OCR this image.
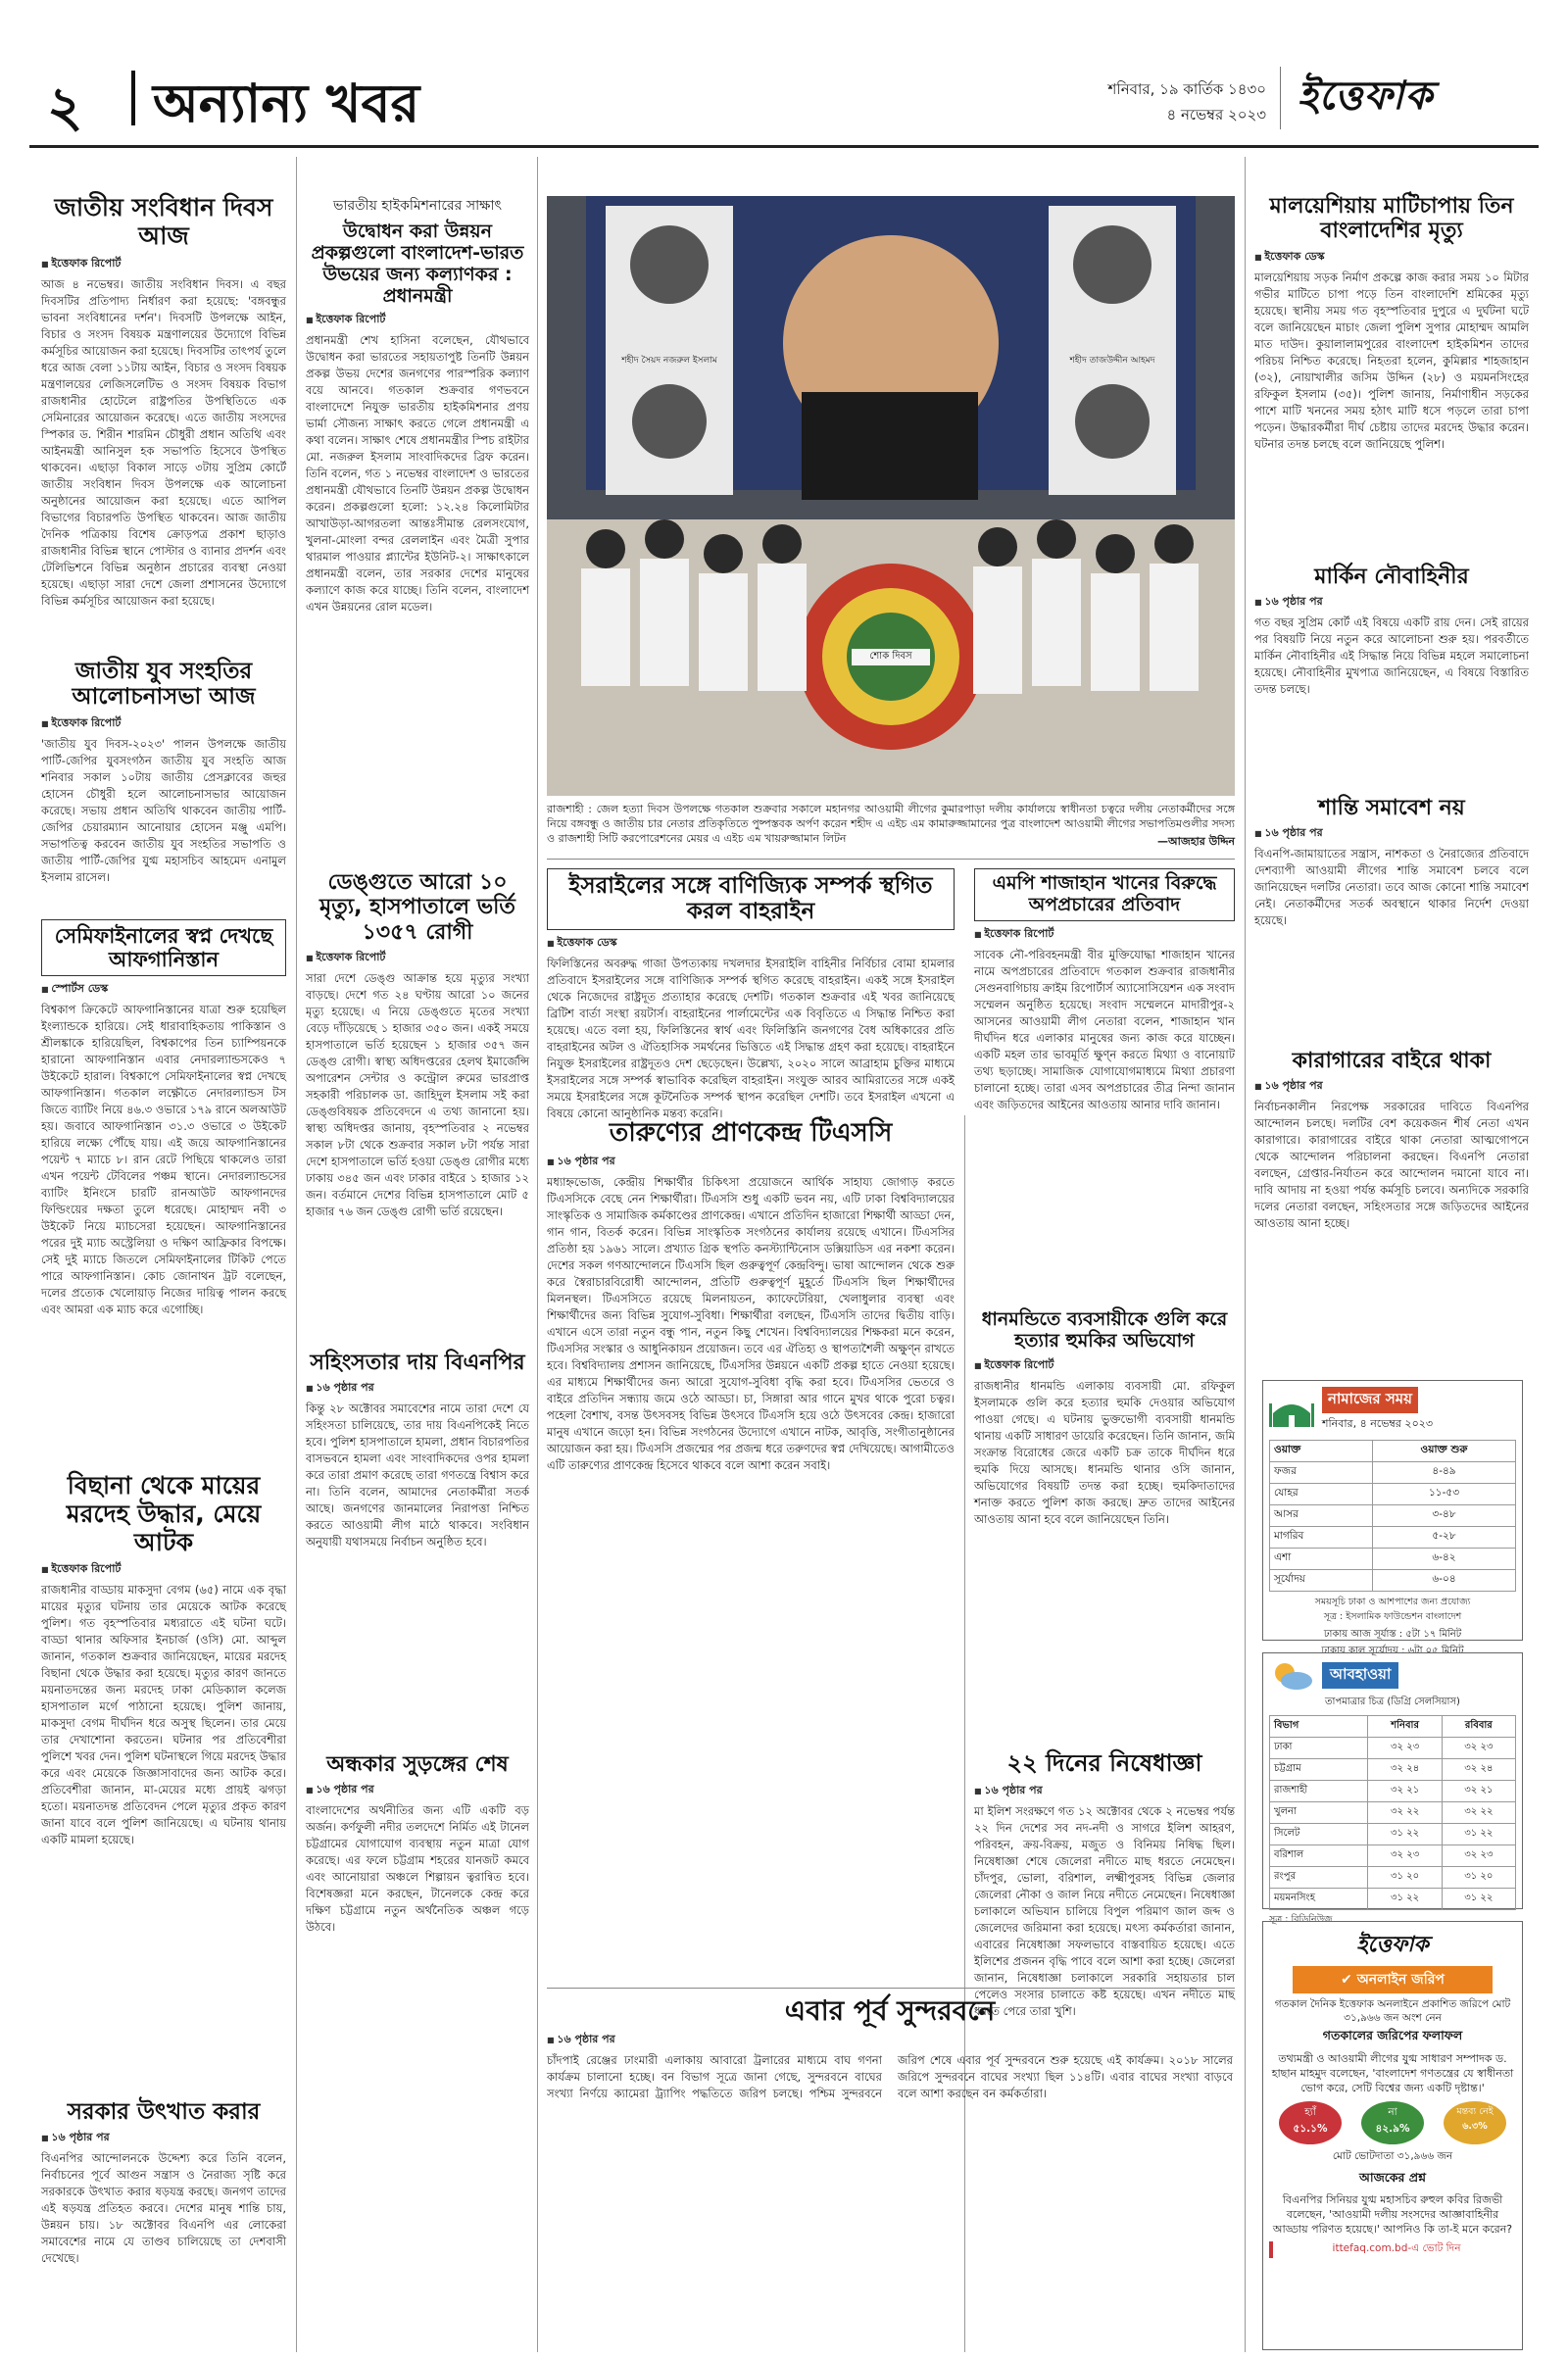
২ অন্যান্য খবর	শনিবার, ১৯ কার্তিক ১৪৩০
৪ নভেম্বর ২০২৩ ইত্তেফাক
জাতীয় সংবিধান দিবস আজ
■ ইত্তেফাক রিপোর্ট
আজ ৪ নভেম্বর। জাতীয় সংবিধান দিবস। এ বছর দিবসটির প্রতিপাদ্য নির্ধারণ করা হয়েছে: 'বঙ্গবন্ধুর ভাবনা সংবিধানের দর্শন'। দিবসটি উপলক্ষে আইন, বিচার ও সংসদ বিষয়ক মন্ত্রণালয়ের উদ্যোগে বিভিন্ন কর্মসূচির আয়োজন করা হয়েছে। দিবসটির তাৎপর্য তুলে ধরে আজ বেলা ১১টায় আইন, বিচার ও সংসদ বিষয়ক মন্ত্রণালয়ের লেজিসলেটিভ ও সংসদ বিষয়ক বিভাগ রাজধানীর হোটেলে রাষ্ট্রপতির উপস্থিতিতে এক সেমিনারের আয়োজন করেছে। এতে জাতীয় সংসদের স্পিকার ড. শিরীন শারমিন চৌধুরী প্রধান অতিথি এবং আইনমন্ত্রী আনিসুল হক সভাপতি হিসেবে উপস্থিত থাকবেন। এছাড়া বিকাল সাড়ে ৩টায় সুপ্রিম কোর্টে জাতীয় সংবিধান দিবস উপলক্ষে এক আলোচনা অনুষ্ঠানের আয়োজন করা হয়েছে। এতে আপিল বিভাগের বিচারপতি উপস্থিত থাকবেন। আজ জাতীয় দৈনিক পত্রিকায় বিশেষ ক্রোড়পত্র প্রকাশ ছাড়াও রাজধানীর বিভিন্ন স্থানে পোস্টার ও ব্যানার প্রদর্শন এবং টেলিভিশনে বিভিন্ন অনুষ্ঠান প্রচারের ব্যবস্থা নেওয়া হয়েছে। এছাড়া সারা দেশে জেলা প্রশাসনের উদ্যোগে বিভিন্ন কর্মসূচির আয়োজন করা হয়েছে।
জাতীয় যুব সংহতির আলোচনাসভা আজ
■ ইত্তেফাক রিপোর্ট
'জাতীয় যুব দিবস-২০২৩' পালন উপলক্ষে জাতীয় পার্টি-জেপির যুবসংগঠন জাতীয় যুব সংহতি আজ শনিবার সকাল ১০টায় জাতীয় প্রেসক্লাবের জহুর হোসেন চৌধুরী হলে আলোচনাসভার আয়োজন করেছে। সভায় প্রধান অতিথি থাকবেন জাতীয় পার্টি-জেপির চেয়ারম্যান আনোয়ার হোসেন মঞ্জু এমপি। সভাপতিত্ব করবেন জাতীয় যুব সংহতির সভাপতি ও জাতীয় পার্টি-জেপির যুগ্ম মহাসচিব আহমেদ এনামুল ইসলাম রাসেল।
সেমিফাইনালের স্বপ্ন দেখছে আফগানিস্তান
■ স্পোর্টস ডেস্ক
বিশ্বকাপ ক্রিকেটে আফগানিস্তানের যাত্রা শুরু হয়েছিল ইংল্যান্ডকে হারিয়ে। সেই ধারাবাহিকতায় পাকিস্তান ও শ্রীলঙ্কাকে হারিয়েছিল, বিশ্বকাপের তিন চ্যাম্পিয়নকে হারানো আফগানিস্তান এবার নেদারল্যান্ডসকেও ৭ উইকেটে হারাল। বিশ্বকাপে সেমিফাইনালের স্বপ্ন দেখছে আফগানিস্তান। গতকাল লক্ষ্ণৌতে নেদারল্যান্ডস টস জিতে ব্যাটিং নিয়ে ৪৬.৩ ওভারে ১৭৯ রানে অলআউট হয়। জবাবে আফগানিস্তান ৩১.৩ ওভারে ৩ উইকেট হারিয়ে লক্ষ্যে পৌঁছে যায়। এই জয়ে আফগানিস্তানের পয়েন্ট ৭ ম্যাচে ৮। রান রেটে পিছিয়ে থাকলেও তারা এখন পয়েন্ট টেবিলের পঞ্চম স্থানে। নেদারল্যান্ডসের ব্যাটিং ইনিংসে চারটি রানআউট আফগানদের ফিল্ডিংয়ের দক্ষতা তুলে ধরেছে। মোহাম্মদ নবী ৩ উইকেট নিয়ে ম্যাচসেরা হয়েছেন। আফগানিস্তানের পরের দুই ম্যাচ অস্ট্রেলিয়া ও দক্ষিণ আফ্রিকার বিপক্ষে। সেই দুই ম্যাচে জিতলে সেমিফাইনালের টিকিট পেতে পারে আফগানিস্তান। কোচ জোনাথন ট্রট বলেছেন, দলের প্রত্যেক খেলোয়াড় নিজের দায়িত্ব পালন করছে এবং আমরা এক ম্যাচ করে এগোচ্ছি।
বিছানা থেকে মায়ের মরদেহ উদ্ধার, মেয়ে আটক
■ ইত্তেফাক রিপোর্ট
রাজধানীর বাড্ডায় মাকসুদা বেগম (৬৫) নামে এক বৃদ্ধা মায়ের মৃত্যুর ঘটনায় তার মেয়েকে আটক করেছে পুলিশ। গত বৃহস্পতিবার মধ্যরাতে এই ঘটনা ঘটে। বাড্ডা থানার অফিসার ইনচার্জ (ওসি) মো. আব্দুল জানান, গতকাল শুক্রবার জানিয়েছেন, মায়ের মরদেহ বিছানা থেকে উদ্ধার করা হয়েছে। মৃত্যুর কারণ জানতে ময়নাতদন্তের জন্য মরদেহ ঢাকা মেডিক্যাল কলেজ হাসপাতাল মর্গে পাঠানো হয়েছে। পুলিশ জানায়, মাকসুদা বেগম দীর্ঘদিন ধরে অসুস্থ ছিলেন। তার মেয়ে তার দেখাশোনা করতেন। ঘটনার পর প্রতিবেশীরা পুলিশে খবর দেন। পুলিশ ঘটনাস্থলে গিয়ে মরদেহ উদ্ধার করে এবং মেয়েকে জিজ্ঞাসাবাদের জন্য আটক করে। প্রতিবেশীরা জানান, মা-মেয়ের মধ্যে প্রায়ই ঝগড়া হতো। ময়নাতদন্ত প্রতিবেদন পেলে মৃত্যুর প্রকৃত কারণ জানা যাবে বলে পুলিশ জানিয়েছে। এ ঘটনায় থানায় একটি মামলা হয়েছে।
সরকার উৎখাত করার
■ ১৬ পৃষ্ঠার পর
বিএনপির আন্দোলনকে উদ্দেশ্য করে তিনি বলেন, নির্বাচনের পূর্বে আগুন সন্ত্রাস ও নৈরাজ্য সৃষ্টি করে সরকারকে উৎখাত করার ষড়যন্ত্র করছে। জনগণ তাদের এই ষড়যন্ত্র প্রতিহত করবে। দেশের মানুষ শান্তি চায়, উন্নয়ন চায়। ১৮ অক্টোবর বিএনপি এর লোকেরা সমাবেশের নামে যে তাণ্ডব চালিয়েছে তা দেশবাসী দেখেছে।
ভারতীয় হাইকমিশনারের সাক্ষাৎ
উদ্বোধন করা উন্নয়ন প্রকল্পগুলো বাংলাদেশ-ভারত উভয়ের জন্য কল্যাণকর : প্রধানমন্ত্রী
■ ইত্তেফাক রিপোর্ট
প্রধানমন্ত্রী শেখ হাসিনা বলেছেন, যৌথভাবে উদ্বোধন করা ভারতের সহায়তাপুষ্ট তিনটি উন্নয়ন প্রকল্প উভয় দেশের জনগণের পারস্পরিক কল্যাণ বয়ে আনবে। গতকাল শুক্রবার গণভবনে বাংলাদেশে নিযুক্ত ভারতীয় হাইকমিশনার প্রণয় ভার্মা সৌজন্য সাক্ষাৎ করতে গেলে প্রধানমন্ত্রী এ কথা বলেন। সাক্ষাৎ শেষে প্রধানমন্ত্রীর স্পিচ রাইটার মো. নজরুল ইসলাম সাংবাদিকদের ব্রিফ করেন। তিনি বলেন, গত ১ নভেম্বর বাংলাদেশ ও ভারতের প্রধানমন্ত্রী যৌথভাবে তিনটি উন্নয়ন প্রকল্প উদ্বোধন করেন। প্রকল্পগুলো হলো: ১২.২৪ কিলোমিটার আখাউড়া-আগরতলা আন্তঃসীমান্ত রেলসংযোগ, খুলনা-মোংলা বন্দর রেললাইন এবং মৈত্রী সুপার থারমাল পাওয়ার প্ল্যান্টের ইউনিট-২। সাক্ষাৎকালে প্রধানমন্ত্রী বলেন, তার সরকার দেশের মানুষের কল্যাণে কাজ করে যাচ্ছে। তিনি বলেন, বাংলাদেশ এখন উন্নয়নের রোল মডেল।
ডেঙ্গুতে আরো ১০ মৃত্যু, হাসপাতালে ভর্তি ১৩৫৭ রোগী
■ ইত্তেফাক রিপোর্ট
সারা দেশে ডেঙ্গু আক্রান্ত হয়ে মৃত্যুর সংখ্যা বাড়ছে। দেশে গত ২৪ ঘণ্টায় আরো ১০ জনের মৃত্যু হয়েছে। এ নিয়ে ডেঙ্গুতে মৃতের সংখ্যা বেড়ে দাঁড়িয়েছে ১ হাজার ৩৫০ জন। একই সময়ে হাসপাতালে ভর্তি হয়েছেন ১ হাজার ৩৫৭ জন ডেঙ্গু রোগী। স্বাস্থ্য অধিদপ্তরের হেলথ ইমার্জেন্সি অপারেশন সেন্টার ও কন্ট্রোল রুমের ভারপ্রাপ্ত সহকারী পরিচালক ডা. জাহিদুল ইসলাম সই করা ডেঙ্গুবিষয়ক প্রতিবেদনে এ তথ্য জানানো হয়। স্বাস্থ্য অধিদপ্তর জানায়, বৃহস্পতিবার ২ নভেম্বর সকাল ৮টা থেকে শুক্রবার সকাল ৮টা পর্যন্ত সারা দেশে হাসপাতালে ভর্তি হওয়া ডেঙ্গু রোগীর মধ্যে ঢাকায় ৩৪৫ জন এবং ঢাকার বাইরে ১ হাজার ১২ জন। বর্তমানে দেশের বিভিন্ন হাসপাতালে মোট ৫ হাজার ৭৬ জন ডেঙ্গু রোগী ভর্তি রয়েছেন।
সহিংসতার দায় বিএনপির
■ ১৬ পৃষ্ঠার পর
কিন্তু ২৮ অক্টোবর সমাবেশের নামে তারা দেশে যে সহিংসতা চালিয়েছে, তার দায় বিএনপিকেই নিতে হবে। পুলিশ হাসপাতালে হামলা, প্রধান বিচারপতির বাসভবনে হামলা এবং সাংবাদিকদের ওপর হামলা করে তারা প্রমাণ করেছে তারা গণতন্ত্রে বিশ্বাস করে না। তিনি বলেন, আমাদের নেতাকর্মীরা সতর্ক আছে। জনগণের জানমালের নিরাপত্তা নিশ্চিত করতে আওয়ামী লীগ মাঠে থাকবে। সংবিধান অনুযায়ী যথাসময়ে নির্বাচন অনুষ্ঠিত হবে।
অন্ধকার সুড়ঙ্গের শেষ
■ ১৬ পৃষ্ঠার পর
বাংলাদেশের অর্থনীতির জন্য এটি একটি বড় অর্জন। কর্ণফুলী নদীর তলদেশে নির্মিত এই টানেল চট্টগ্রামের যোগাযোগ ব্যবস্থায় নতুন মাত্রা যোগ করেছে। এর ফলে চট্টগ্রাম শহরের যানজট কমবে এবং আনোয়ারা অঞ্চলে শিল্পায়ন ত্বরান্বিত হবে। বিশেষজ্ঞরা মনে করছেন, টানেলকে কেন্দ্র করে দক্ষিণ চট্টগ্রামে নতুন অর্থনৈতিক অঞ্চল গড়ে উঠবে।
শহীদ সৈয়দ নজরুল ইসলাম	শহীদ তাজউদ্দীন আহমদ
শোক দিবস
রাজশাহী : জেল হত্যা দিবস উপলক্ষে গতকাল শুক্রবার সকালে মহানগর আওয়ামী লীগের কুমারপাড়া দলীয় কার্যালয়ে স্বাধীনতা চত্বরে দলীয় নেতাকর্মীদের সঙ্গে নিয়ে বঙ্গবন্ধু ও জাতীয় চার নেতার প্রতিকৃতিতে পুষ্পস্তবক অর্পণ করেন শহীদ এ এইচ এম কামারুজ্জামানের পুত্র বাংলাদেশ আওয়ামী লীগের সভাপতিমণ্ডলীর সদস্য ও রাজশাহী সিটি করপোরেশনের মেয়র এ এইচ এম খায়রুজ্জামান লিটন	—আজহার উদ্দিন
ইসরাইলের সঙ্গে বাণিজ্যিক সম্পর্ক স্থগিত করল বাহরাইন
■ ইত্তেফাক ডেস্ক
ফিলিস্তিনের অবরুদ্ধ গাজা উপত্যকায় দখলদার ইসরাইলি বাহিনীর নির্বিচার বোমা হামলার প্রতিবাদে ইসরাইলের সঙ্গে বাণিজ্যিক সম্পর্ক স্থগিত করেছে বাহরাইন। একই সঙ্গে ইসরাইল থেকে নিজেদের রাষ্ট্রদূত প্রত্যাহার করেছে দেশটি। গতকাল শুক্রবার এই খবর জানিয়েছে ব্রিটিশ বার্তা সংস্থা রয়টার্স। বাহরাইনের পার্লামেন্টের এক বিবৃতিতে এ সিদ্ধান্ত নিশ্চিত করা হয়েছে। এতে বলা হয়, ফিলিস্তিনের স্বার্থ এবং ফিলিস্তিনি জনগণের বৈধ অধিকারের প্রতি বাহরাইনের অটল ও ঐতিহাসিক সমর্থনের ভিত্তিতে এই সিদ্ধান্ত গ্রহণ করা হয়েছে। বাহরাইনে নিযুক্ত ইসরাইলের রাষ্ট্রদূতও দেশ ছেড়েছেন। উল্লেখ্য, ২০২০ সালে আব্রাহাম চুক্তির মাধ্যমে ইসরাইলের সঙ্গে সম্পর্ক স্বাভাবিক করেছিল বাহরাইন। সংযুক্ত আরব আমিরাতের সঙ্গে একই সময়ে ইসরাইলের সঙ্গে কূটনৈতিক সম্পর্ক স্থাপন করেছিল দেশটি। তবে ইসরাইল এখনো এ বিষয়ে কোনো আনুষ্ঠানিক মন্তব্য করেনি।
তারুণ্যের প্রাণকেন্দ্র টিএসসি
■ ১৬ পৃষ্ঠার পর
মধ্যাহ্নভোজ, কেন্দ্রীয় শিক্ষার্থীর চিকিৎসা প্রয়োজনে আর্থিক সাহায্য জোগাড় করতে টিএসসিকে বেছে নেন শিক্ষার্থীরা। টিএসসি শুধু একটি ভবন নয়, এটি ঢাকা বিশ্ববিদ্যালয়ের সাংস্কৃতিক ও সামাজিক কর্মকাণ্ডের প্রাণকেন্দ্র। এখানে প্রতিদিন হাজারো শিক্ষার্থী আড্ডা দেন, গান গান, বিতর্ক করেন। বিভিন্ন সাংস্কৃতিক সংগঠনের কার্যালয় রয়েছে এখানে। টিএসসির প্রতিষ্ঠা হয় ১৯৬১ সালে। প্রখ্যাত গ্রিক স্থপতি কনস্ট্যান্টিনোস ডক্সিয়াডিস এর নকশা করেন। দেশের সকল গণআন্দোলনে টিএসসি ছিল গুরুত্বপূর্ণ কেন্দ্রবিন্দু। ভাষা আন্দোলন থেকে শুরু করে স্বৈরাচারবিরোধী আন্দোলন, প্রতিটি গুরুত্বপূর্ণ মুহূর্তে টিএসসি ছিল শিক্ষার্থীদের মিলনস্থল। টিএসসিতে রয়েছে মিলনায়তন, ক্যাফেটেরিয়া, খেলাধুলার ব্যবস্থা এবং শিক্ষার্থীদের জন্য বিভিন্ন সুযোগ-সুবিধা। শিক্ষার্থীরা বলছেন, টিএসসি তাদের দ্বিতীয় বাড়ি। এখানে এসে তারা নতুন বন্ধু পান, নতুন কিছু শেখেন। বিশ্ববিদ্যালয়ের শিক্ষকরা মনে করেন, টিএসসির সংস্কার ও আধুনিকায়ন প্রয়োজন। তবে এর ঐতিহ্য ও স্থাপত্যশৈলী অক্ষুণ্ন রাখতে হবে। বিশ্ববিদ্যালয় প্রশাসন জানিয়েছে, টিএসসির উন্নয়নে একটি প্রকল্প হাতে নেওয়া হয়েছে। এর মাধ্যমে শিক্ষার্থীদের জন্য আরো সুযোগ-সুবিধা বৃদ্ধি করা হবে। টিএসসির ভেতরে ও বাইরে প্রতিদিন সন্ধ্যায় জমে ওঠে আড্ডা। চা, সিঙ্গারা আর গানে মুখর থাকে পুরো চত্বর। পহেলা বৈশাখ, বসন্ত উৎসবসহ বিভিন্ন উৎসবে টিএসসি হয়ে ওঠে উৎসবের কেন্দ্র। হাজারো মানুষ এখানে জড়ো হন। বিভিন্ন সংগঠনের উদ্যোগে এখানে নাটক, আবৃত্তি, সংগীতানুষ্ঠানের আয়োজন করা হয়। টিএসসি প্রজন্মের পর প্রজন্ম ধরে তরুণদের স্বপ্ন দেখিয়েছে। আগামীতেও এটি তারুণ্যের প্রাণকেন্দ্র হিসেবে থাকবে বলে আশা করেন সবাই।
এবার পূর্ব সুন্দরবনে
■ ১৬ পৃষ্ঠার পর
চাঁদপাই রেঞ্জের ঢাংমারী এলাকায় আবারো ট্রলারের মাধ্যমে বাঘ গণনা কার্যক্রম চালানো হচ্ছে। বন বিভাগ সূত্রে জানা গেছে, সুন্দরবনে বাঘের সংখ্যা নির্ণয়ে ক্যামেরা ট্র্যাপিং পদ্ধতিতে জরিপ চলছে। পশ্চিম সুন্দরবনে জরিপ শেষে এবার পূর্ব সুন্দরবনে শুরু হয়েছে এই কার্যক্রম। ২০১৮ সালের জরিপে সুন্দরবনে বাঘের সংখ্যা ছিল ১১৪টি। এবার বাঘের সংখ্যা বাড়বে বলে আশা করছেন বন কর্মকর্তারা।
এমপি শাজাহান খানের বিরুদ্ধে অপপ্রচারের প্রতিবাদ
■ ইত্তেফাক রিপোর্ট
সাবেক নৌ-পরিবহনমন্ত্রী বীর মুক্তিযোদ্ধা শাজাহান খানের নামে অপপ্রচারের প্রতিবাদে গতকাল শুক্রবার রাজধানীর সেগুনবাগিচায় ক্রাইম রিপোর্টার্স অ্যাসোসিয়েশন এক সংবাদ সম্মেলন অনুষ্ঠিত হয়েছে। সংবাদ সম্মেলনে মাদারীপুর-২ আসনের আওয়ামী লীগ নেতারা বলেন, শাজাহান খান দীর্ঘদিন ধরে এলাকার মানুষের জন্য কাজ করে যাচ্ছেন। একটি মহল তার ভাবমূর্তি ক্ষুণ্ন করতে মিথ্যা ও বানোয়াট তথ্য ছড়াচ্ছে। সামাজিক যোগাযোগমাধ্যমে মিথ্যা প্রচারণা চালানো হচ্ছে। তারা এসব অপপ্রচারের তীব্র নিন্দা জানান এবং জড়িতদের আইনের আওতায় আনার দাবি জানান।
ধানমন্ডিতে ব্যবসায়ীকে গুলি করে হত্যার হুমকির অভিযোগ
■ ইত্তেফাক রিপোর্ট
রাজধানীর ধানমন্ডি এলাকায় ব্যবসায়ী মো. রফিকুল ইসলামকে গুলি করে হত্যার হুমকি দেওয়ার অভিযোগ পাওয়া গেছে। এ ঘটনায় ভুক্তভোগী ব্যবসায়ী ধানমন্ডি থানায় একটি সাধারণ ডায়েরি করেছেন। তিনি জানান, জমি সংক্রান্ত বিরোধের জেরে একটি চক্র তাকে দীর্ঘদিন ধরে হুমকি দিয়ে আসছে। ধানমন্ডি থানার ওসি জানান, অভিযোগের বিষয়টি তদন্ত করা হচ্ছে। হুমকিদাতাদের শনাক্ত করতে পুলিশ কাজ করছে। দ্রুত তাদের আইনের আওতায় আনা হবে বলে জানিয়েছেন তিনি।
২২ দিনের নিষেধাজ্ঞা
■ ১৬ পৃষ্ঠার পর
মা ইলিশ সংরক্ষণে গত ১২ অক্টোবর থেকে ২ নভেম্বর পর্যন্ত ২২ দিন দেশের সব নদ-নদী ও সাগরে ইলিশ আহরণ, পরিবহন, ক্রয়-বিক্রয়, মজুত ও বিনিময় নিষিদ্ধ ছিল। নিষেধাজ্ঞা শেষে জেলেরা নদীতে মাছ ধরতে নেমেছেন। চাঁদপুর, ভোলা, বরিশাল, লক্ষ্মীপুরসহ বিভিন্ন জেলার জেলেরা নৌকা ও জাল নিয়ে নদীতে নেমেছেন। নিষেধাজ্ঞা চলাকালে অভিযান চালিয়ে বিপুল পরিমাণ জাল জব্দ ও জেলেদের জরিমানা করা হয়েছে। মৎস্য কর্মকর্তারা জানান, এবারের নিষেধাজ্ঞা সফলভাবে বাস্তবায়িত হয়েছে। এতে ইলিশের প্রজনন বৃদ্ধি পাবে বলে আশা করা হচ্ছে। জেলেরা জানান, নিষেধাজ্ঞা চলাকালে সরকারি সহায়তার চাল পেলেও সংসার চালাতে কষ্ট হয়েছে। এখন নদীতে মাছ ধরতে পেরে তারা খুশি।
মালয়েশিয়ায় মাটিচাপায় তিন বাংলাদেশির মৃত্যু
■ ইত্তেফাক ডেস্ক
মালয়েশিয়ায় সড়ক নির্মাণ প্রকল্পে কাজ করার সময় ১০ মিটার গভীর মাটিতে চাপা পড়ে তিন বাংলাদেশি শ্রমিকের মৃত্যু হয়েছে। স্থানীয় সময় গত বৃহস্পতিবার দুপুরে এ দুর্ঘটনা ঘটে বলে জানিয়েছেন মাচাং জেলা পুলিশ সুপার মোহাম্মদ আমলি মাত দাউদ। কুয়ালালামপুরের বাংলাদেশ হাইকমিশন তাদের পরিচয় নিশ্চিত করেছে। নিহতরা হলেন, কুমিল্লার শাহজাহান (৩২), নোয়াখালীর জসিম উদ্দিন (২৮) ও ময়মনসিংহের রফিকুল ইসলাম (৩৫)। পুলিশ জানায়, নির্মাণাধীন সড়কের পাশে মাটি খননের সময় হঠাৎ মাটি ধসে পড়লে তারা চাপা পড়েন। উদ্ধারকর্মীরা দীর্ঘ চেষ্টায় তাদের মরদেহ উদ্ধার করেন। ঘটনার তদন্ত চলছে বলে জানিয়েছে পুলিশ।
মার্কিন নৌবাহিনীর
■ ১৬ পৃষ্ঠার পর
গত বছর সুপ্রিম কোর্ট এই বিষয়ে একটি রায় দেন। সেই রায়ের পর বিষয়টি নিয়ে নতুন করে আলোচনা শুরু হয়। পরবর্তীতে মার্কিন নৌবাহিনীর এই সিদ্ধান্ত নিয়ে বিভিন্ন মহলে সমালোচনা হয়েছে। নৌবাহিনীর মুখপাত্র জানিয়েছেন, এ বিষয়ে বিস্তারিত তদন্ত চলছে।
শান্তি সমাবেশ নয়
■ ১৬ পৃষ্ঠার পর
বিএনপি-জামায়াতের সন্ত্রাস, নাশকতা ও নৈরাজ্যের প্রতিবাদে দেশব্যাপী আওয়ামী লীগের শান্তি সমাবেশ চলবে বলে জানিয়েছেন দলটির নেতারা। তবে আজ কোনো শান্তি সমাবেশ নেই। নেতাকর্মীদের সতর্ক অবস্থানে থাকার নির্দেশ দেওয়া হয়েছে।
কারাগারের বাইরে থাকা
■ ১৬ পৃষ্ঠার পর
নির্বাচনকালীন নিরপেক্ষ সরকারের দাবিতে বিএনপির আন্দোলন চলছে। দলটির বেশ কয়েকজন শীর্ষ নেতা এখন কারাগারে। কারাগারের বাইরে থাকা নেতারা আত্মগোপনে থেকে আন্দোলন পরিচালনা করছেন। বিএনপি নেতারা বলছেন, গ্রেপ্তার-নির্যাতন করে আন্দোলন দমানো যাবে না। দাবি আদায় না হওয়া পর্যন্ত কর্মসূচি চলবে। অন্যদিকে সরকারি দলের নেতারা বলছেন, সহিংসতার সঙ্গে জড়িতদের আইনের আওতায় আনা হচ্ছে।
নামাজের সময়
শনিবার, ৪ নভেম্বর ২০২৩
ওয়াক্ত	ওয়াক্ত শুরু
ফজর	৪-৪৯
যোহর	১১-৫৩
আসর	৩-৪৮
মাগরিব	৫-২৮
এশা	৬-৪২
সূর্যোদয়	৬-০৪
সময়সূচি ঢাকা ও আশপাশের জন্য প্রযোজ্য
সূত্র : ইসলামিক ফাউন্ডেশন বাংলাদেশ
ঢাকায় আজ সূর্যাস্ত : ৫টা ১৭ মিনিট
ঢাকায় কাল সূর্যোদয় : ৬টা ০৫ মিনিট
আবহাওয়া
তাপমাত্রার চিত্র (ডিগ্রি সেলসিয়াস)
বিভাগ	শনিবার	রবিবার
ঢাকা	৩২ ২৩	৩২ ২৩
চট্টগ্রাম	৩২ ২৪	৩২ ২৪
রাজশাহী	৩২ ২১	৩২ ২১
খুলনা	৩২ ২২	৩২ ২২
সিলেট	৩১ ২২	৩১ ২২
বরিশাল	৩২ ২৩	৩২ ২৩
রংপুর	৩১ ২০	৩১ ২০
ময়মনসিংহ	৩১ ২২	৩১ ২২
সূত্র : বিডিনিউজ
ইত্তেফাক
✔ অনলাইন জরিপ
গতকাল দৈনিক ইত্তেফাক অনলাইনে প্রকাশিত জরিপে মোট ৩১,৯৬৬ জন অংশ নেন
গতকালের জরিপের ফলাফল
তথ্যমন্ত্রী ও আওয়ামী লীগের যুগ্ম সাধারণ সম্পাদক ড. হাছান মাহমুদ বলেছেন, 'বাংলাদেশ গণতন্ত্রের যে স্বাধীনতা ভোগ করে, সেটি বিশ্বের জন্য একটি দৃষ্টান্ত।'
হ্যাঁ
৫১.১%
না
৪২.৯%
মন্তব্য নেই
৬.৩%
মোট ভোটদাতা ৩১,৯৬৬ জন
আজকের প্রশ্ন
বিএনপির সিনিয়র যুগ্ম মহাসচিব রুহুল কবির রিজভী বলেছেন, 'আওয়ামী দলীয় সংসদের আজ্ঞাবাহিনীর আড্ডায় পরিণত হয়েছে।' আপনিও কি তা-ই মনে করেন?
ittefaq.com.bd-এ ভোট দিন
